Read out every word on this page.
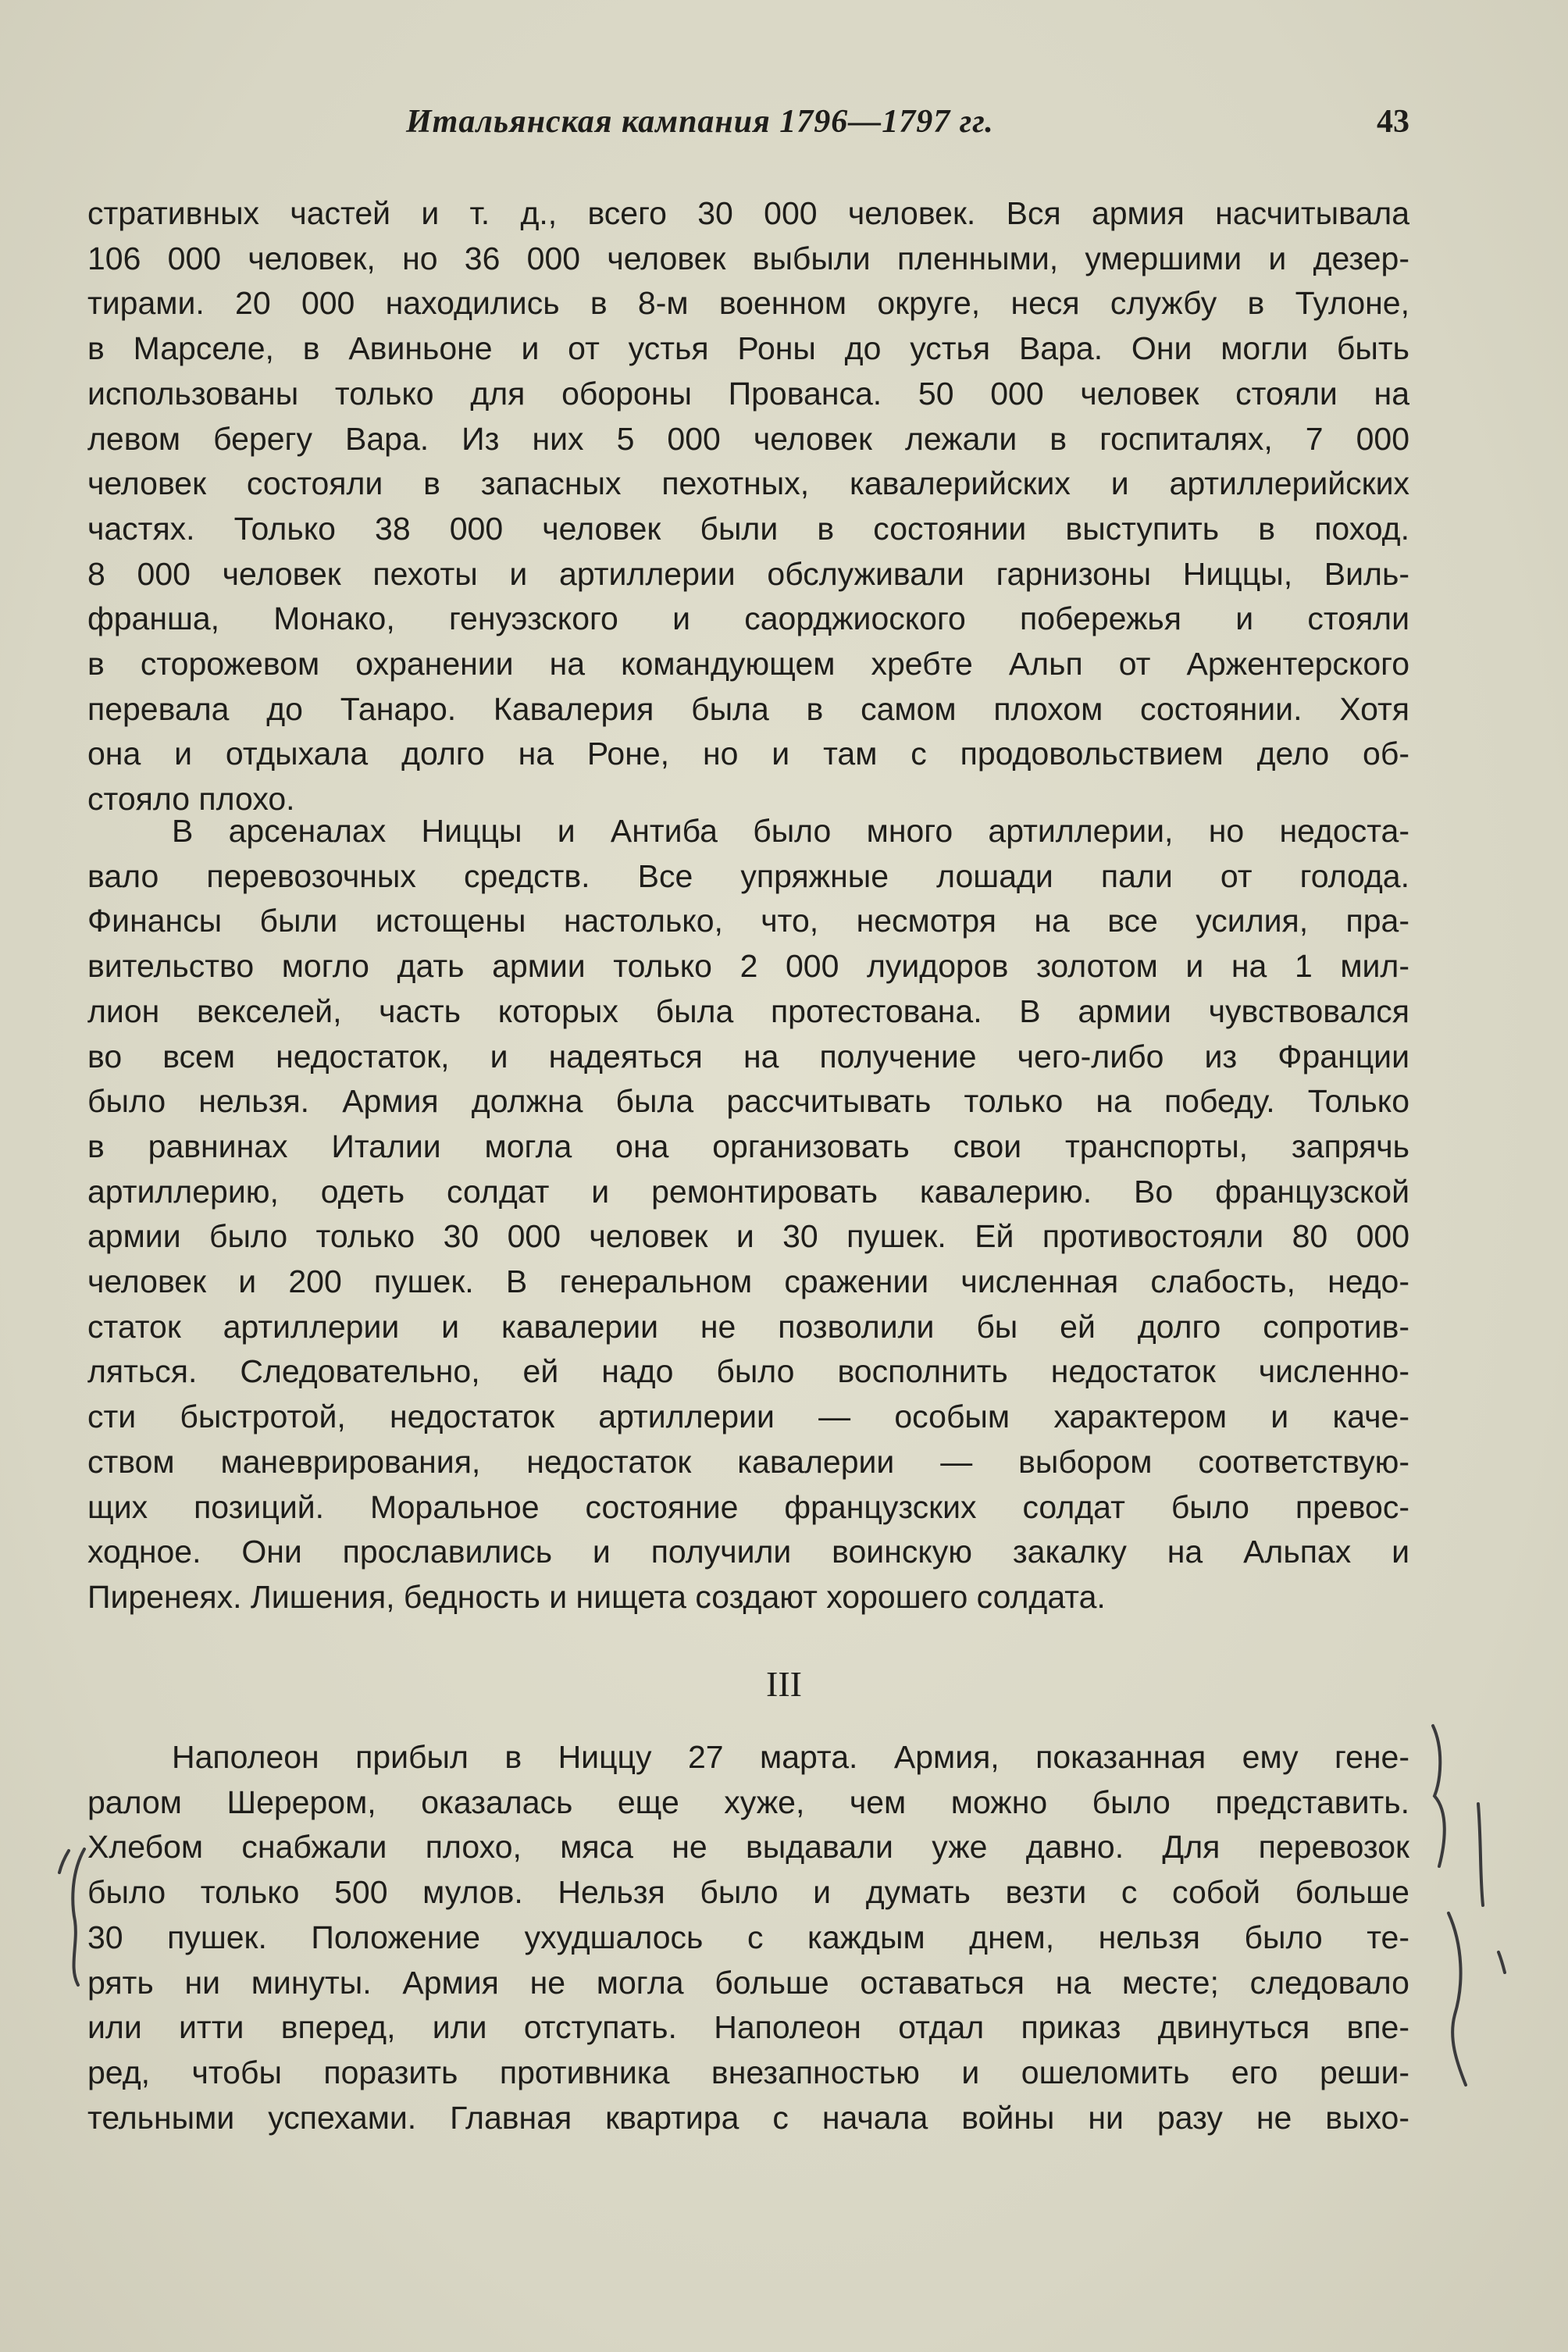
Итальянская кампания 1796—1797 гг.	43
стративных частей и т. д., всего 30 000 человек. Вся армия насчитывала
106 000 человек, но 36 000 человек выбыли пленными, умершими и дезер-
тирами. 20 000 находились в 8-м военном округе, неся службу в Тулоне,
в Марселе, в Авиньоне и от устья Роны до устья Вара. Они могли быть
использованы только для обороны Прованса. 50 000 человек стояли на
левом берегу Вара. Из них 5 000 человек лежали в госпиталях, 7 000
человек состояли в запасных пехотных, кавалерийских и артиллерийских
частях. Только 38 000 человек были в состоянии выступить в поход.
8 000 человек пехоты и артиллерии обслуживали гарнизоны Ниццы, Виль-
франша, Монако, генуэзского и саорджиоского побережья и стояли
в сторожевом охранении на командующем хребте Альп от Аржентерского
перевала до Танаро. Кавалерия была в самом плохом состоянии. Хотя
она и отдыхала долго на Роне, но и там с продовольствием дело об-
стояло плохо.
В арсеналах Ниццы и Антиба было много артиллерии, но недоста-
вало перевозочных средств. Все упряжные лошади пали от голода.
Финансы были истощены настолько, что, несмотря на все усилия, пра-
вительство могло дать армии только 2 000 луидоров золотом и на 1 мил-
лион векселей, часть которых была протестована. В армии чувствовался
во всем недостаток, и надеяться на получение чего-либо из Франции
было нельзя. Армия должна была рассчитывать только на победу. Только
в равнинах Италии могла она организовать свои транспорты, запрячь
артиллерию, одеть солдат и ремонтировать кавалерию. Во французской
армии было только 30 000 человек и 30 пушек. Ей противостояли 80 000
человек и 200 пушек. В генеральном сражении численная слабость, недо-
статок артиллерии и кавалерии не позволили бы ей долго сопротив-
ляться. Следовательно, ей надо было восполнить недостаток численно-
сти быстротой, недостаток артиллерии — особым характером и каче-
ством маневрирования, недостаток кавалерии — выбором соответствую-
щих позиций. Моральное состояние французских солдат было превос-
ходное. Они прославились и получили воинскую закалку на Альпах и
Пиренеях. Лишения, бедность и нищета создают хорошего солдата.
III
Наполеон прибыл в Ниццу 27 марта. Армия, показанная ему гене-
ралом Шерером, оказалась еще хуже, чем можно было представить.
Хлебом снабжали плохо, мяса не выдавали уже давно. Для перевозок
было только 500 мулов. Нельзя было и думать везти с собой больше
30 пушек. Положение ухудшалось с каждым днем, нельзя было те-
рять ни минуты. Армия не могла больше оставаться на месте; следовало
или итти вперед, или отступать. Наполеон отдал приказ двинуться впе-
ред, чтобы поразить противника внезапностью и ошеломить его реши-
тельными успехами. Главная квартира с начала войны ни разу не выхо-
